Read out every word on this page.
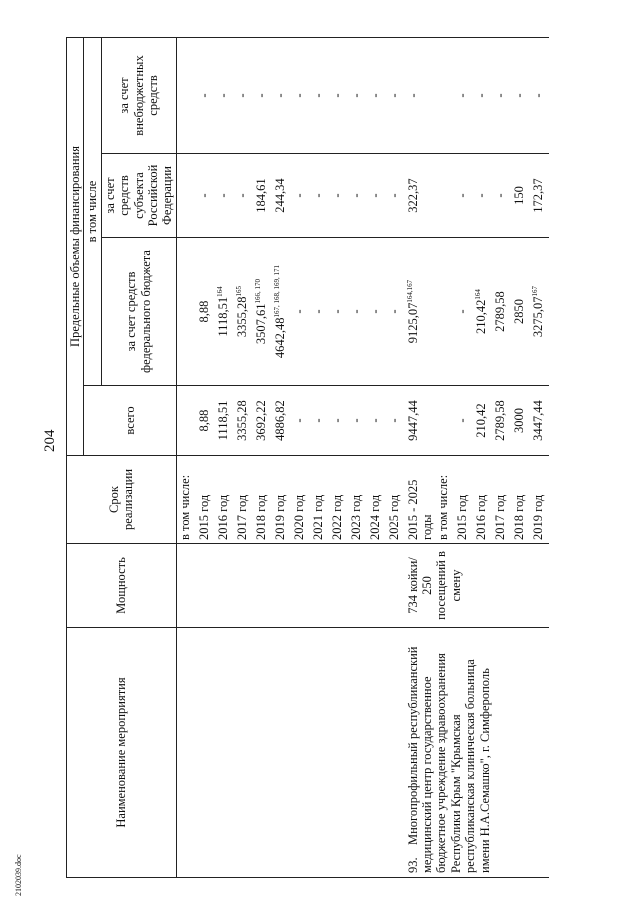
204
2102039.doc
Наименование мероприятия	Мощность	Срок реализации	Предельные объемы финансирования			
			всего	в том числе		
				за счет средств федерального бюджета	за счет средств субъекта Российской Федерации	за счет внебюджетных средств
		в том числе:				
		2015 год	8,88	8,88	-	-
		2016 год	1118,51	1118,51$^{164}$	-	-
		2017 год	3355,28	3355,28$^{165}$	-	-
		2018 год	3692,22	3507,61$^{166, 170}$	184,61	-
		2019 год	4886,82	4642,48$^{167, 168, 169, 171}$	244,34	-
		2020 год	-	-	-	-
		2021 год	-	-	-	-
		2022 год	-	-	-	-
		2023 год	-	-	-	-
		2024 год	-	-	-	-
		2025 год	-	-	-	-
93.Многопрофильный республиканский медицинский центр государственное бюджетное учреждение здравоохранения Республики Крым "Крымская республиканская клиническая больница имени Н.А.Семашко", г. Симферополь	734 койки/ 250 посещений в смену	2015 - 2025 годы	9447,44	9125,07$^{164,167}$	322,37	-
		в том числе:				
		2015 год	-	-	-	-
		2016 год	210,42	210,42$^{164}$	-	-
		2017 год	2789,58	2789,58	-	-
		2018 год	3000	2850	150	-
		2019 год	3447,44	3275,07$^{167}$	172,37	-
